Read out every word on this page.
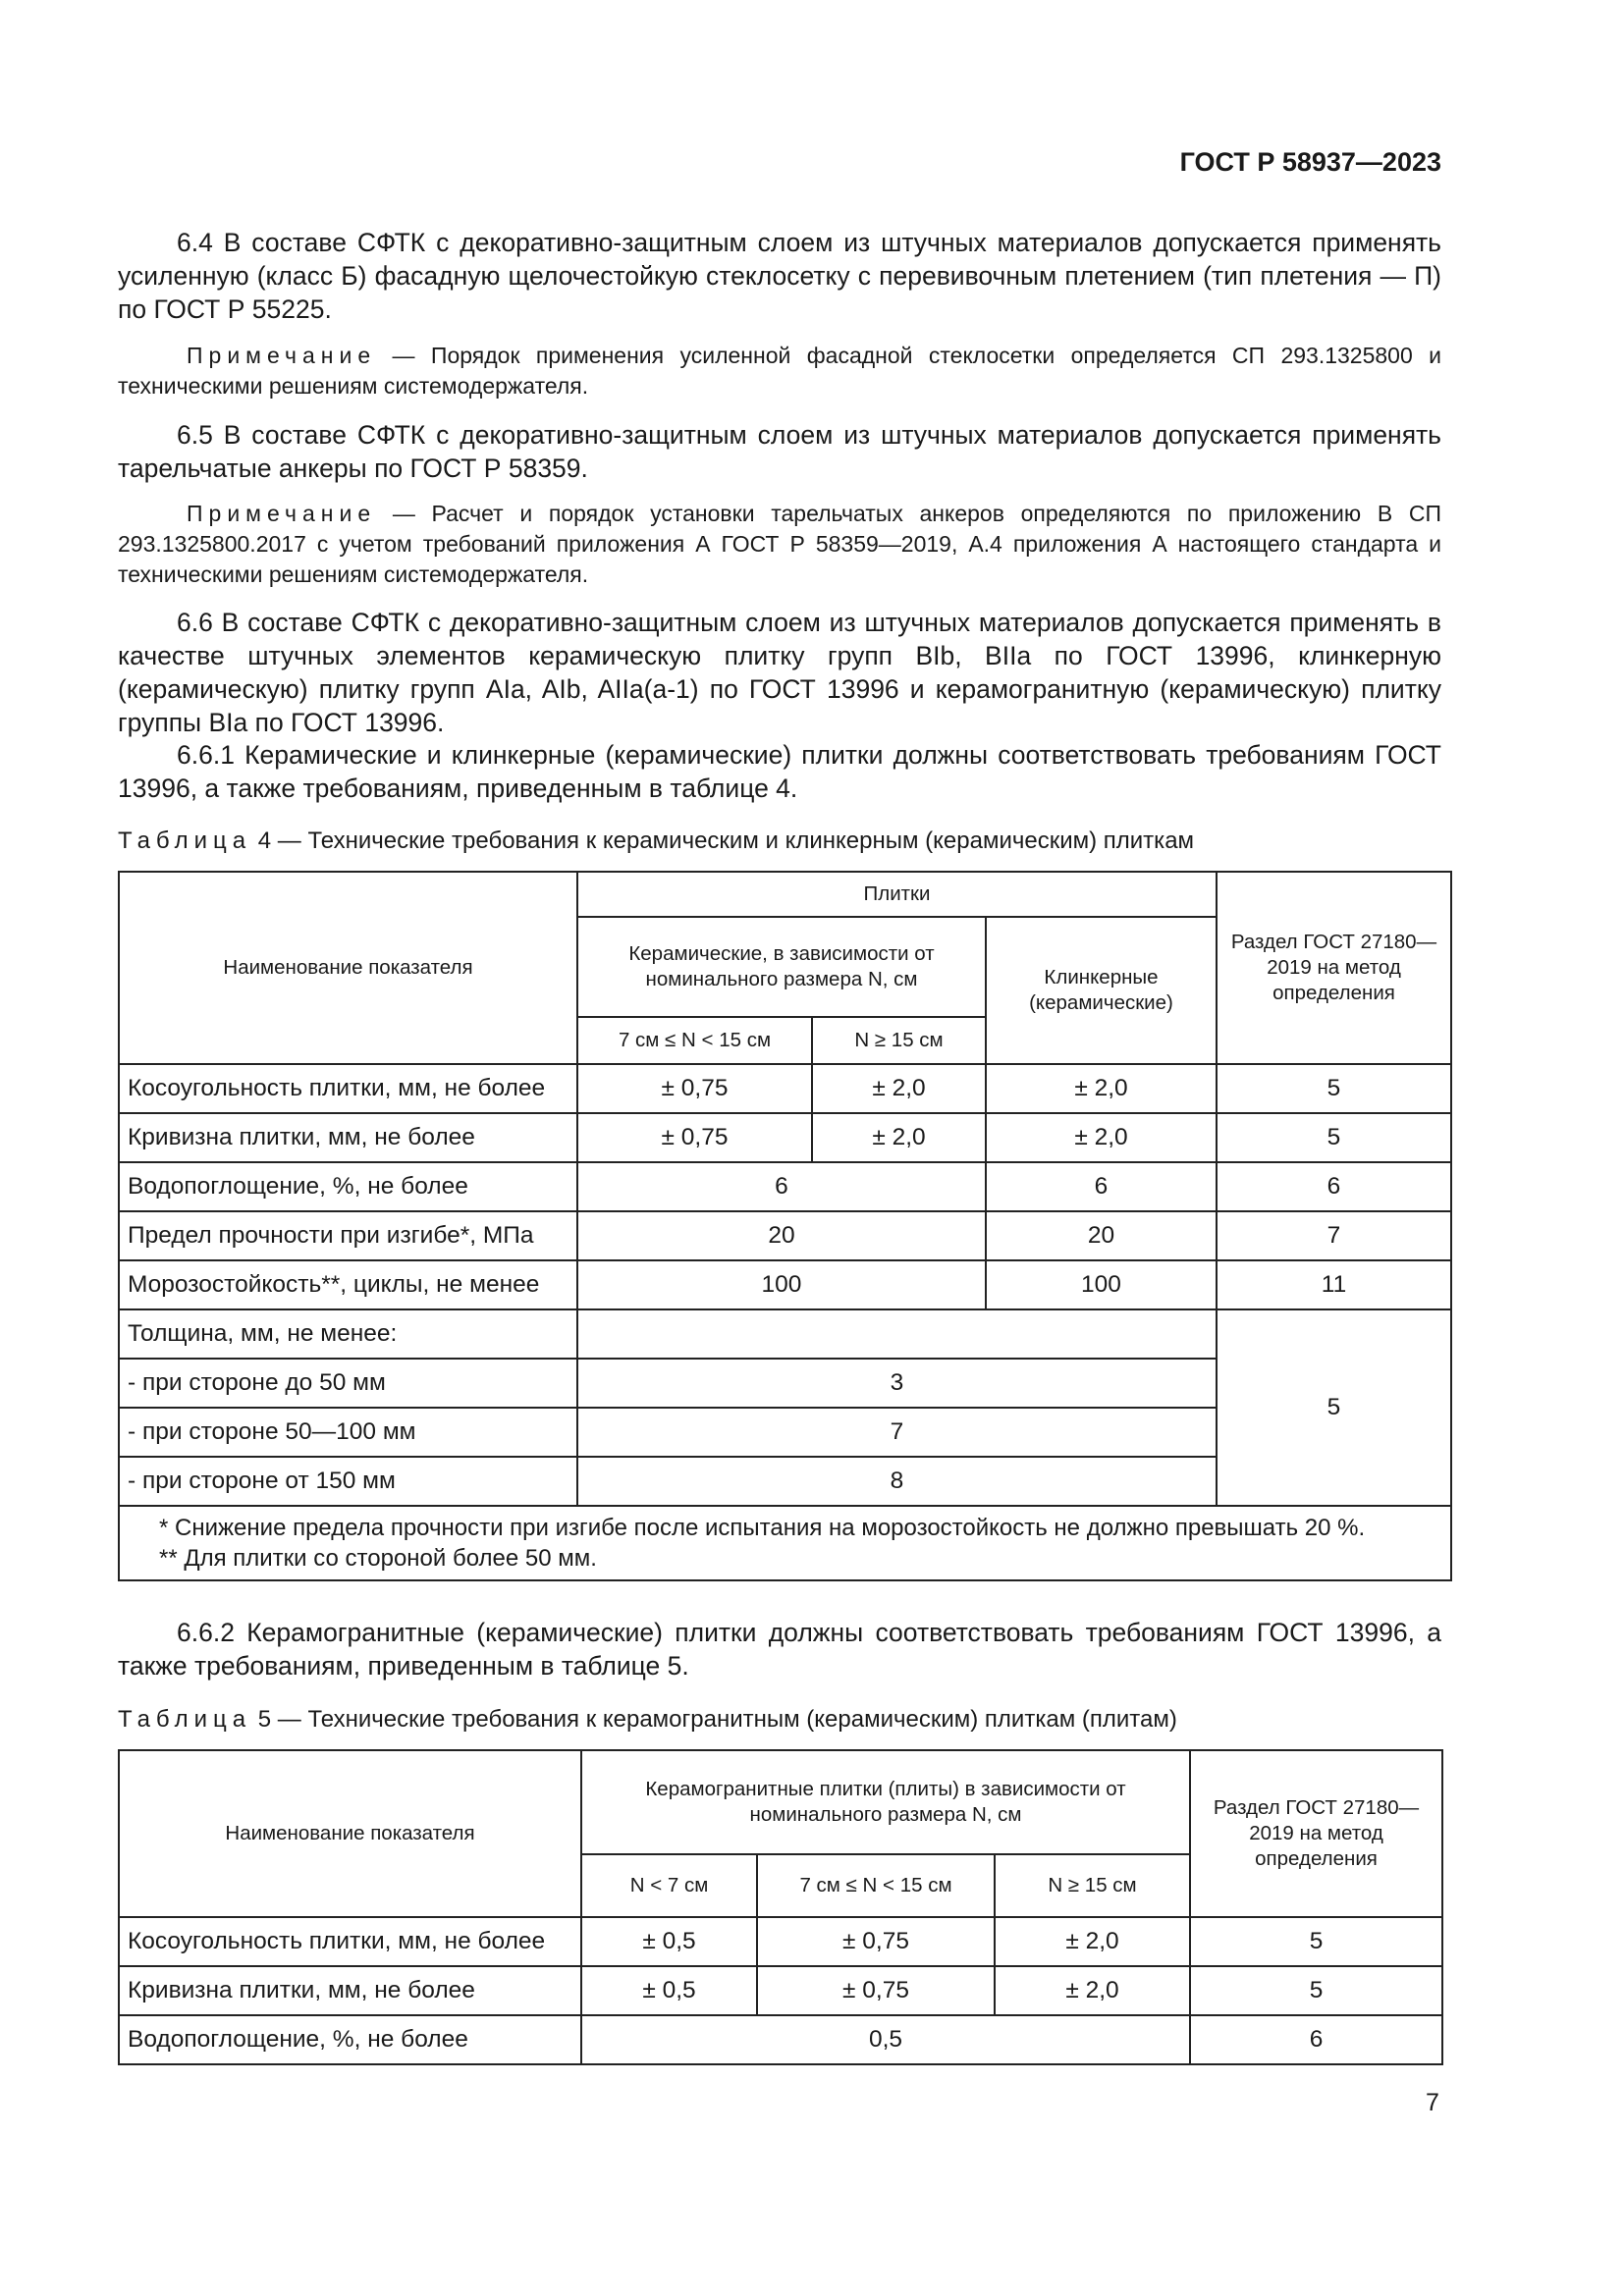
ГОСТ Р 58937—2023

6.4 В составе СФТК с декоративно-защитным слоем из штучных материалов допускается применять усиленную (класс Б) фасадную щелочестойкую стеклосетку с перевивочным плетением (тип плетения — П) по ГОСТ Р 55225.

Примечание — Порядок применения усиленной фасадной стеклосетки определяется СП 293.1325800 и техническими решениям системодержателя.

6.5 В составе СФТК с декоративно-защитным слоем из штучных материалов допускается применять тарельчатые анкеры по ГОСТ Р 58359.

Примечание — Расчет и порядок установки тарельчатых анкеров определяются по приложению В СП 293.1325800.2017 с учетом требований приложения А ГОСТ Р 58359—2019, А.4 приложения А настоящего стандарта и техническими решениям системодержателя.

6.6 В составе СФТК с декоративно-защитным слоем из штучных материалов допускается применять в качестве штучных элементов керамическую плитку групп BIb, BIIa по ГОСТ 13996, клинкерную (керамическую) плитку групп AIa, AIb, AIIa(а-1) по ГОСТ 13996 и керамогранитную (керамическую) плитку группы BIa по ГОСТ 13996.

6.6.1 Керамические и клинкерные (керамические) плитки должны соответствовать требованиям ГОСТ 13996, а также требованиям, приведенным в таблице 4.

Таблица 4 — Технические требования к керамическим и клинкерным (керамическим) плиткам
Наименование показателя	Плитки			Раздел ГОСТ 27180—2019 на метод определения
	Керамические, в зависимости от номинального размера N, см		Клинкерные (керамические)	
	7 см ≤ N < 15 см	N ≥ 15 см		
Косоугольность плитки, мм, не более	± 0,75	± 2,0	± 2,0	5
Кривизна плитки, мм, не более	± 0,75	± 2,0	± 2,0	5
Водопоглощение, %, не более	6		6	6
Предел прочности при изгибе*, МПа	20		20	7
Морозостойкость**, циклы, не менее	100		100	11
Толщина, мм, не менее:				5
- при стороне до 50 мм	3			
- при стороне 50—100 мм	7			
- при стороне от 150 мм	8			

* Снижение предела прочности при изгибе после испытания на морозостойкость не должно превышать 20 %.
** Для плитки со стороной более 50 мм.				

6.6.2 Керамогранитные (керамические) плитки должны соответствовать требованиям ГОСТ 13996, а также требованиям, приведенным в таблице 5.

Таблица 5 — Технические требования к керамогранитным (керамическим) плиткам (плитам)
Наименование показателя	Керамогранитные плитки (плиты) в зависимости от номинального размера N, см			Раздел ГОСТ 27180—2019 на метод определения
	N < 7 см	7 см ≤ N < 15 см	N ≥ 15 см	
Косоугольность плитки, мм, не более	± 0,5	± 0,75	± 2,0	5
Кривизна плитки, мм, не более	± 0,5	± 0,75	± 2,0	5
Водопоглощение, %, не более	0,5			6
7
